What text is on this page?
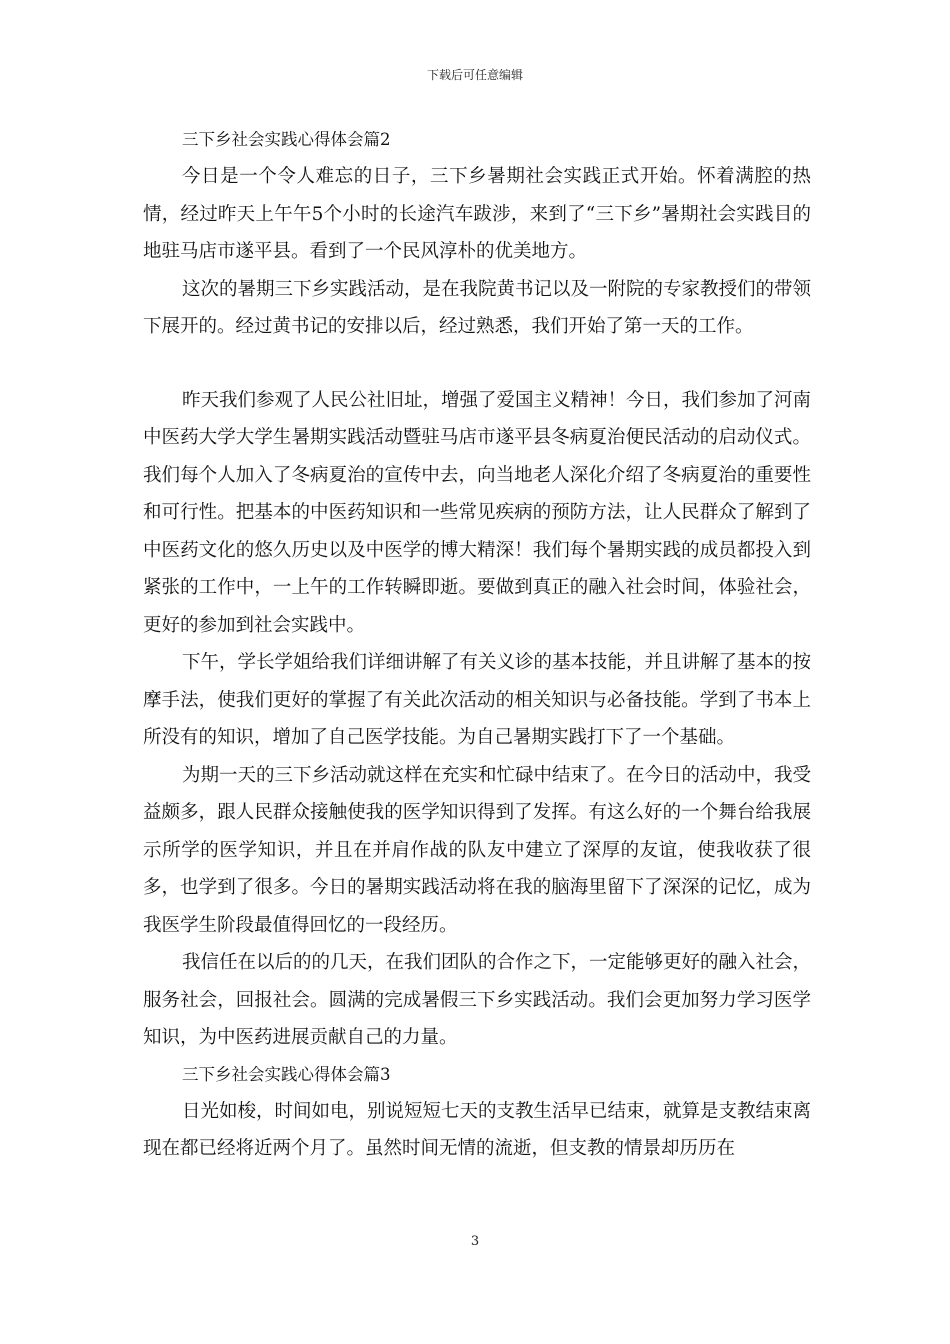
下载后可任意编辑

三下乡社会实践心得体会篇2

今日是一个令人难忘的日子，三下乡暑期社会实践正式开始。怀着满腔的热情，经过昨天上午午5个小时的长途汽车跋涉，来到了“三下乡”暑期社会实践目的地驻马店市遂平县。看到了一个民风淳朴的优美地方。

这次的暑期三下乡实践活动，是在我院黄书记以及一附院的专家教授们的带领下展开的。经过黄书记的安排以后，经过熟悉，我们开始了第一天的工作。

昨天我们参观了人民公社旧址，增强了爱国主义精神！今日，我们参加了河南中医药大学大学生暑期实践活动暨驻马店市遂平县冬病夏治便民活动的启动仪式。我们每个人加入了冬病夏治的宣传中去，向当地老人深化介绍了冬病夏治的重要性和可行性。把基本的中医药知识和一些常见疾病的预防方法，让人民群众了解到了中医药文化的悠久历史以及中医学的博大精深！我们每个暑期实践的成员都投入到紧张的工作中，一上午的工作转瞬即逝。要做到真正的融入社会时间，体验社会，更好的参加到社会实践中。

下午，学长学姐给我们详细讲解了有关义诊的基本技能，并且讲解了基本的按摩手法，使我们更好的掌握了有关此次活动的相关知识与必备技能。学到了书本上所没有的知识，增加了自己医学技能。为自己暑期实践打下了一个基础。

为期一天的三下乡活动就这样在充实和忙碌中结束了。在今日的活动中，我受益颇多，跟人民群众接触使我的医学知识得到了发挥。有这么好的一个舞台给我展示所学的医学知识，并且在并肩作战的队友中建立了深厚的友谊，使我收获了很多，也学到了很多。今日的暑期实践活动将在我的脑海里留下了深深的记忆，成为我医学生阶段最值得回忆的一段经历。

我信任在以后的的几天，在我们团队的合作之下，一定能够更好的融入社会，服务社会，回报社会。圆满的完成暑假三下乡实践活动。我们会更加努力学习医学知识，为中医药进展贡献自己的力量。

三下乡社会实践心得体会篇3

日光如梭，时间如电，别说短短七天的支教生活早已结束，就算是支教结束离现在都已经将近两个月了。虽然时间无情的流逝，但支教的情景却历历在

3
